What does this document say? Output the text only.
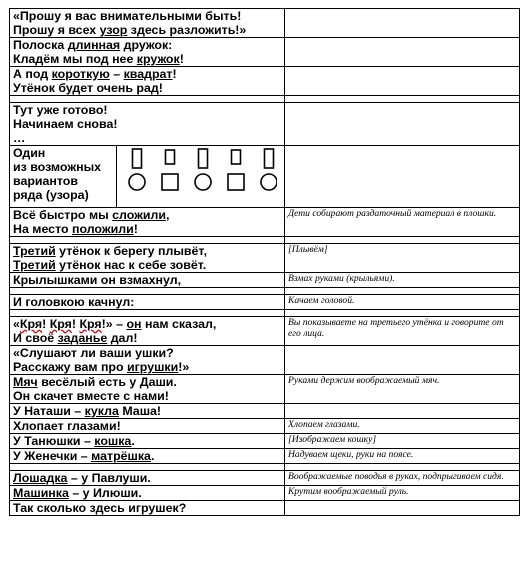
«Прошу я вас внимательными быть!
Прошу я всех узор здесь разложить!»	

Полоска длинная дружок:
Кладём мы под нее кружок!	

А под короткую – квадрат!
Утёнок будет очень рад!	

Тут уже готово!
Начинаем снова!
…	

Один
из возможных
вариантов
ряда (узора)	

Всё быстро мы сложили,
На место положили!	Дети собирают раздаточный материал в плошки.

Третий утёнок к берегу плывёт,
Третий утёнок нас к себе зовёт.	[Плывём]

Крылышками он взмахнул,	Взмах руками (крыльями).

И головкою качнул:	Качаем головой.

«Кря! Кря! Кря!» – он нам сказал,
И своё заданье дал!	Вы показываете на третьего утёнка и говорите от его лица.

«Слушают ли ваши ушки?
Расскажу вам про игрушки!»	

Мяч весёлый есть у Даши.
Он скачет вместе с нами!	Руками держим воображаемый мяч.

У Наташи – кукла Маша!	

Хлопает глазами!	Хлопаем глазами.

У Танюшки – кошка.	[Изображаем кошку]

У Женечки – матрёшка.	Надуваем щеки, руки на поясе.

Лошадка – у Павлуши.	Воображаемые поводья в руках, подпрыгиваем сидя.

Машинка – у Илюши.	Крутим воображаемый руль.

Так сколько здесь игрушек?	
